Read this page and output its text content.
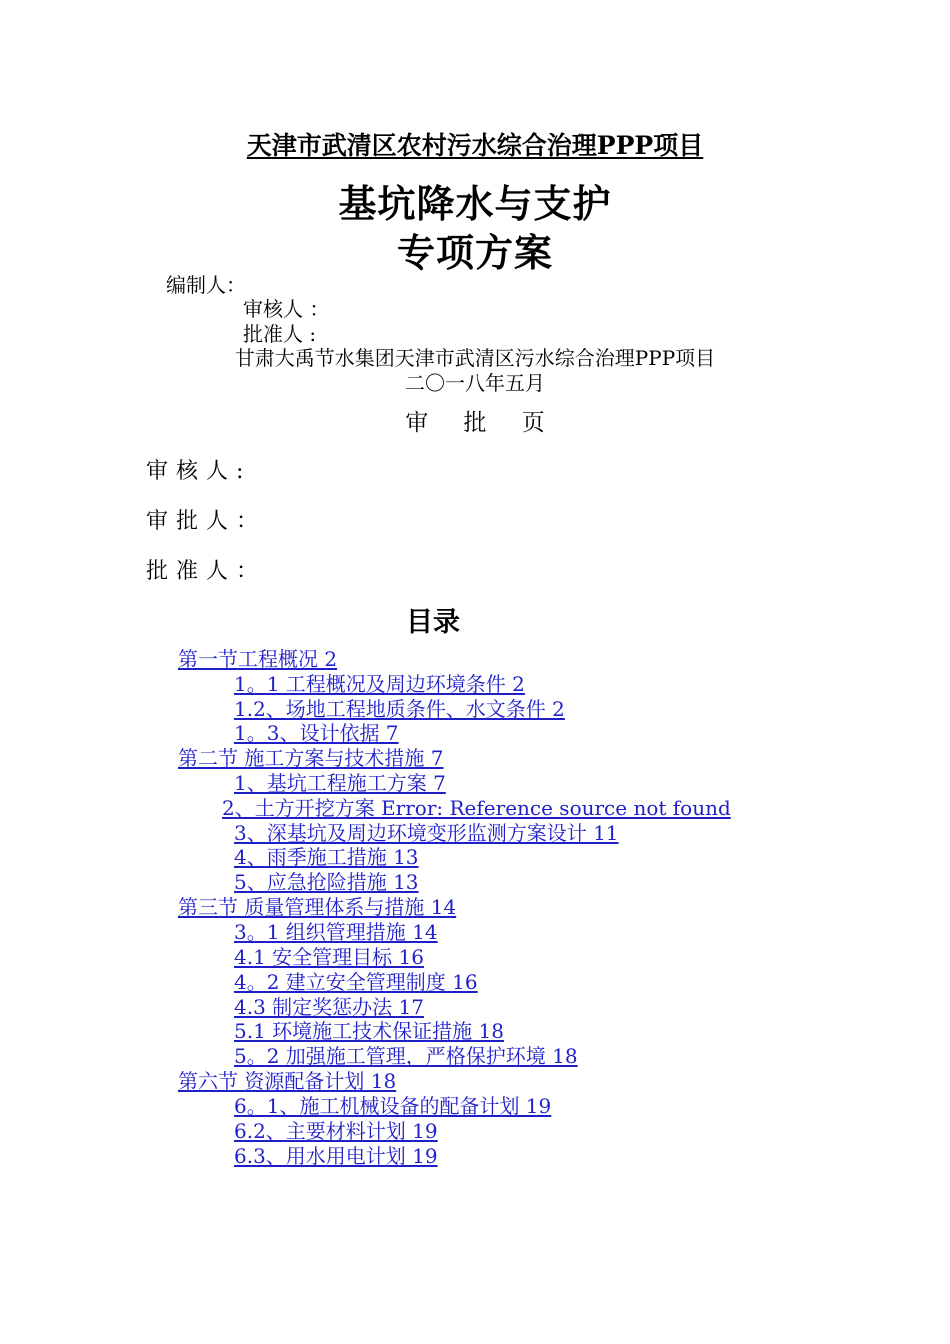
天津市武清区农村污水综合治理PPP项目
基坑降水与支护
专项方案
编制人：
审核人 ：
批准人 :
甘肃大禹节水集团天津市武清区污水综合治理PPP项目
二〇一八年五月
审 批 页
审核人:
审批人：
批准人：
目录
第一节工程概况 2
1。1 工程概况及周边环境条件 2
1.2、场地工程地质条件、水文条件 2
1。3、设计依据 7
第二节 施工方案与技术措施 7
1、基坑工程施工方案 7
2、土方开挖方案 Error: Reference source not found
3、深基坑及周边环境变形监测方案设计 11
4、雨季施工措施 13
5、应急抢险措施 13
第三节 质量管理体系与措施 14
3。1 组织管理措施 14
4.1 安全管理目标 16
4。2 建立安全管理制度 16
4.3 制定奖惩办法 17
5.1 环境施工技术保证措施 18
5。2 加强施工管理，严格保护环境 18
第六节 资源配备计划 18
6。1、施工机械设备的配备计划 19
6.2、主要材料计划 19
6.3、用水用电计划 19
